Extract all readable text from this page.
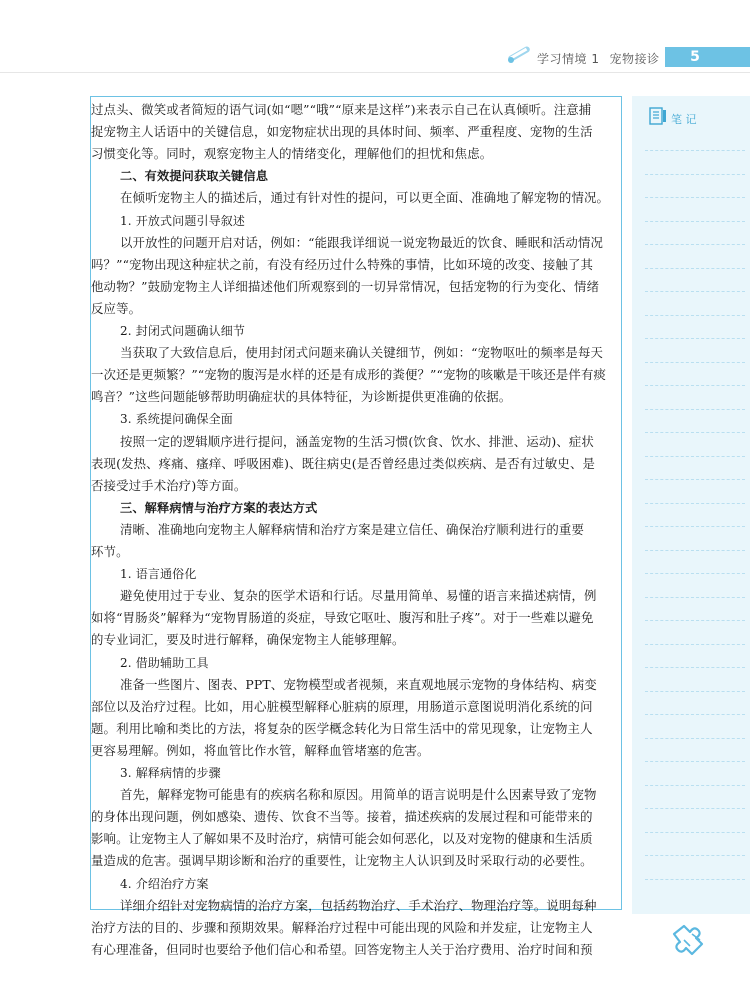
学习情境 1 宠物接诊	5
笔 记
过点头、微笑或者简短的语气词(如“嗯”“哦”“原来是这样”)来表示自己在认真倾听。注意捕
捉宠物主人话语中的关键信息，如宠物症状出现的具体时间、频率、严重程度、宠物的生活
习惯变化等。同时，观察宠物主人的情绪变化，理解他们的担忧和焦虑。
二、有效提问获取关键信息
在倾听宠物主人的描述后，通过有针对性的提问，可以更全面、准确地了解宠物的情况。
1. 开放式问题引导叙述
以开放性的问题开启对话，例如：“能跟我详细说一说宠物最近的饮食、睡眠和活动情况
吗？”“宠物出现这种症状之前，有没有经历过什么特殊的事情，比如环境的改变、接触了其
他动物？”鼓励宠物主人详细描述他们所观察到的一切异常情况，包括宠物的行为变化、情绪
反应等。
2. 封闭式问题确认细节
当获取了大致信息后，使用封闭式问题来确认关键细节，例如：“宠物呕吐的频率是每天
一次还是更频繁？”“宠物的腹泻是水样的还是有成形的粪便？”“宠物的咳嗽是干咳还是伴有痰
鸣音？”这些问题能够帮助明确症状的具体特征，为诊断提供更准确的依据。
3. 系统提问确保全面
按照一定的逻辑顺序进行提问，涵盖宠物的生活习惯(饮食、饮水、排泄、运动)、症状
表现(发热、疼痛、瘙痒、呼吸困难)、既往病史(是否曾经患过类似疾病、是否有过敏史、是
否接受过手术治疗)等方面。
三、解释病情与治疗方案的表达方式
清晰、准确地向宠物主人解释病情和治疗方案是建立信任、确保治疗顺利进行的重要
环节。
1. 语言通俗化
避免使用过于专业、复杂的医学术语和行话。尽量用简单、易懂的语言来描述病情，例
如将“胃肠炎”解释为“宠物胃肠道的炎症，导致它呕吐、腹泻和肚子疼”。对于一些难以避免
的专业词汇，要及时进行解释，确保宠物主人能够理解。
2. 借助辅助工具
准备一些图片、图表、PPT、宠物模型或者视频，来直观地展示宠物的身体结构、病变
部位以及治疗过程。比如，用心脏模型解释心脏病的原理，用肠道示意图说明消化系统的问
题。利用比喻和类比的方法，将复杂的医学概念转化为日常生活中的常见现象，让宠物主人
更容易理解。例如，将血管比作水管，解释血管堵塞的危害。
3. 解释病情的步骤
首先，解释宠物可能患有的疾病名称和原因。用简单的语言说明是什么因素导致了宠物
的身体出现问题，例如感染、遗传、饮食不当等。接着，描述疾病的发展过程和可能带来的
影响。让宠物主人了解如果不及时治疗，病情可能会如何恶化，以及对宠物的健康和生活质
量造成的危害。强调早期诊断和治疗的重要性，让宠物主人认识到及时采取行动的必要性。
4. 介绍治疗方案
详细介绍针对宠物病情的治疗方案，包括药物治疗、手术治疗、物理治疗等。说明每种
治疗方法的目的、步骤和预期效果。解释治疗过程中可能出现的风险和并发症，让宠物主人
有心理准备，但同时也要给予他们信心和希望。回答宠物主人关于治疗费用、治疗时间和预
